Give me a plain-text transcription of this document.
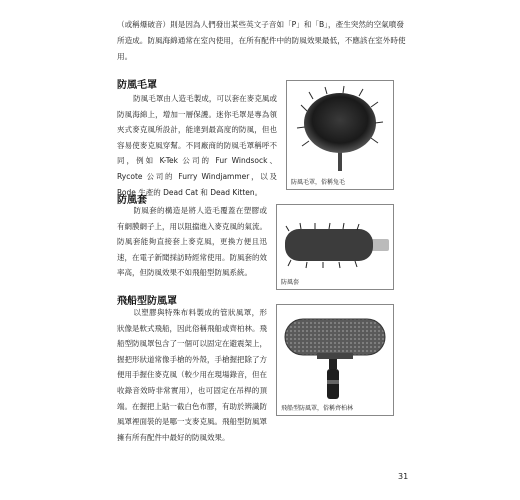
（或稱爆破音）則是因為人們發出某些英文子音如「P」和「B」，產生突然的空氣噴發所造成。防風海綿通常在室內使用，在所有配件中的防風效果最低，不應該在室外時使用。
防風毛罩
防風毛罩由人造毛製成，可以套在麥克風或防風海綿上，增加一層保護。迷你毛罩是專為領夾式麥克風所設計，能達到最高度的防風，但也容易使麥克風穿幫。不同廠商的防風毛罩稱呼不同，例如 K-Tek 公司的 Fur Windsock、Rycote 公司的 Furry Windjammer，以及 Rode 生產的 Dead Cat 和 Dead Kitten。
防風毛罩，俗稱兔毛
防風套
防風套的構造是將人造毛覆蓋在塑膠或有網膜網子上，用以阻擋進入麥克風的氣流。防風套能夠直接套上麥克風，更換方便且迅速，在電子新聞採訪時經常使用。防風套的效率高，但防風效果不如飛船型防風系統。
防風套
飛船型防風罩
以塑膠與特殊布料製成的管狀風罩，形狀像是軟式飛船，因此俗稱飛船或齊柏林。飛船型防風罩包含了一個可以固定在避震架上，握把形狀道常像手槍的外殼，手槍握把除了方便用手握住麥克風（較少用在現場錄音，但在收錄音效時非常實用），也可固定在吊桿的頂端。在握把上貼一截白色布膠，有助於辨識防風罩裡面裝的是哪一支麥克風。飛船型防風罩擁有所有配件中最好的防風效果。
飛船型防風罩，俗稱齊柏林
31
